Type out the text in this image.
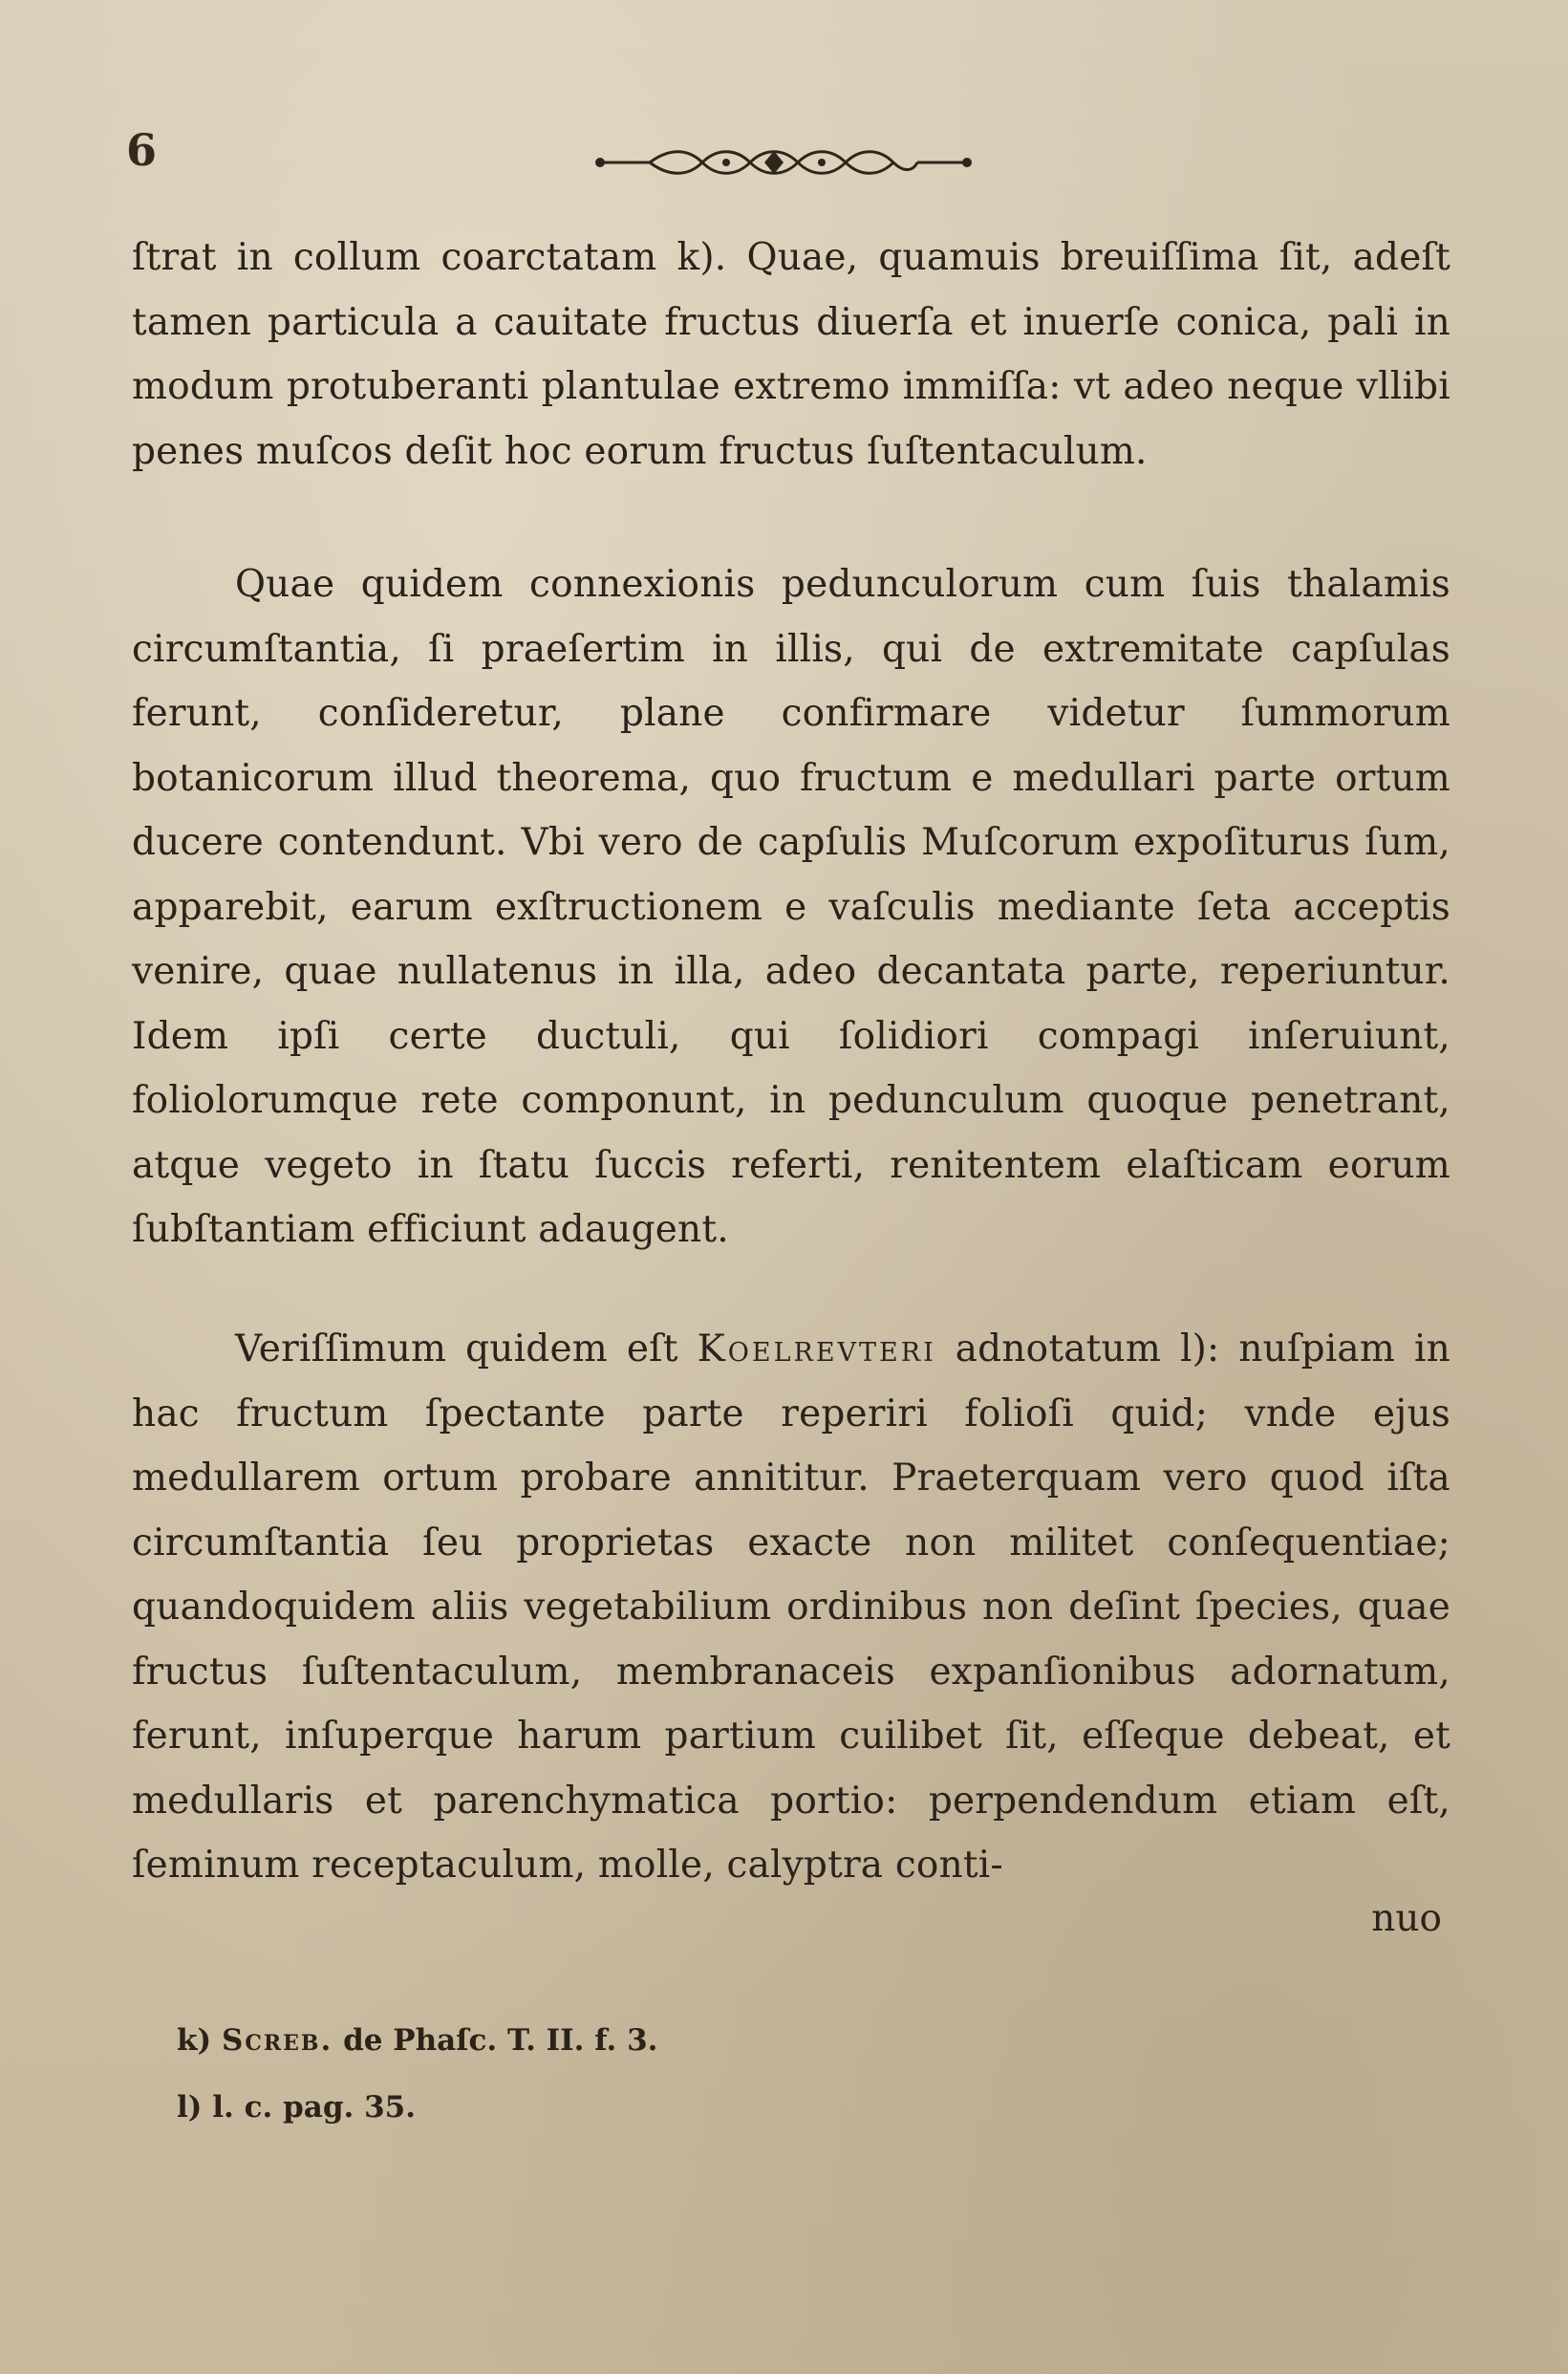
6

ſtrat in collum coarctatam k). Quae, quamuis breuiſſima ſit, adeſt tamen particula a cauitate fructus diuerſa et inuerſe conica, pali in modum protuberanti plantulae extremo immiſſa: vt adeo neque vllibi penes muſcos deſit hoc eorum fructus ſuſtentaculum.

Quae quidem connexionis pedunculorum cum ſuis thalamis circumſtantia, ſi praeſertim in illis, qui de extremitate capſulas ferunt, conſideretur, plane confirmare videtur ſummorum botanicorum illud theorema, quo fructum e medullari parte ortum ducere contendunt. Vbi vero de capſulis Muſcorum expoſiturus ſum, apparebit, earum exſtructionem e vaſculis mediante ſeta acceptis venire, quae nullatenus in illa, adeo decantata parte, reperiuntur. Idem ipſi certe ductuli, qui ſolidiori compagi inſeruiunt, foliolorumque rete componunt, in pedunculum quoque penetrant, atque vegeto in ſtatu ſuccis referti, renitentem elaſticam eorum ſubſtantiam efficiunt adaugent.

Veriſſimum quidem eſt Koelrevteri adnotatum l): nuſpiam in hac fructum ſpectante parte reperiri folioſi quid; vnde ejus medullarem ortum probare annititur. Praeterquam vero quod iſta circumſtantia ſeu proprietas exacte non militet conſequentiae; quandoquidem aliis vegetabilium ordinibus non deſint ſpecies, quae fructus ſuſtentaculum, membranaceis expanſionibus adornatum, ferunt, inſuperque harum partium cuilibet ſit, eſſeque debeat, et medullaris et parenchymatica portio: perpendendum etiam eſt, ſeminum receptaculum, molle, calyptra conti-

nuo
k) Screb. de Phaſc. T. II. f. 3.
l) l. c. pag. 35.
